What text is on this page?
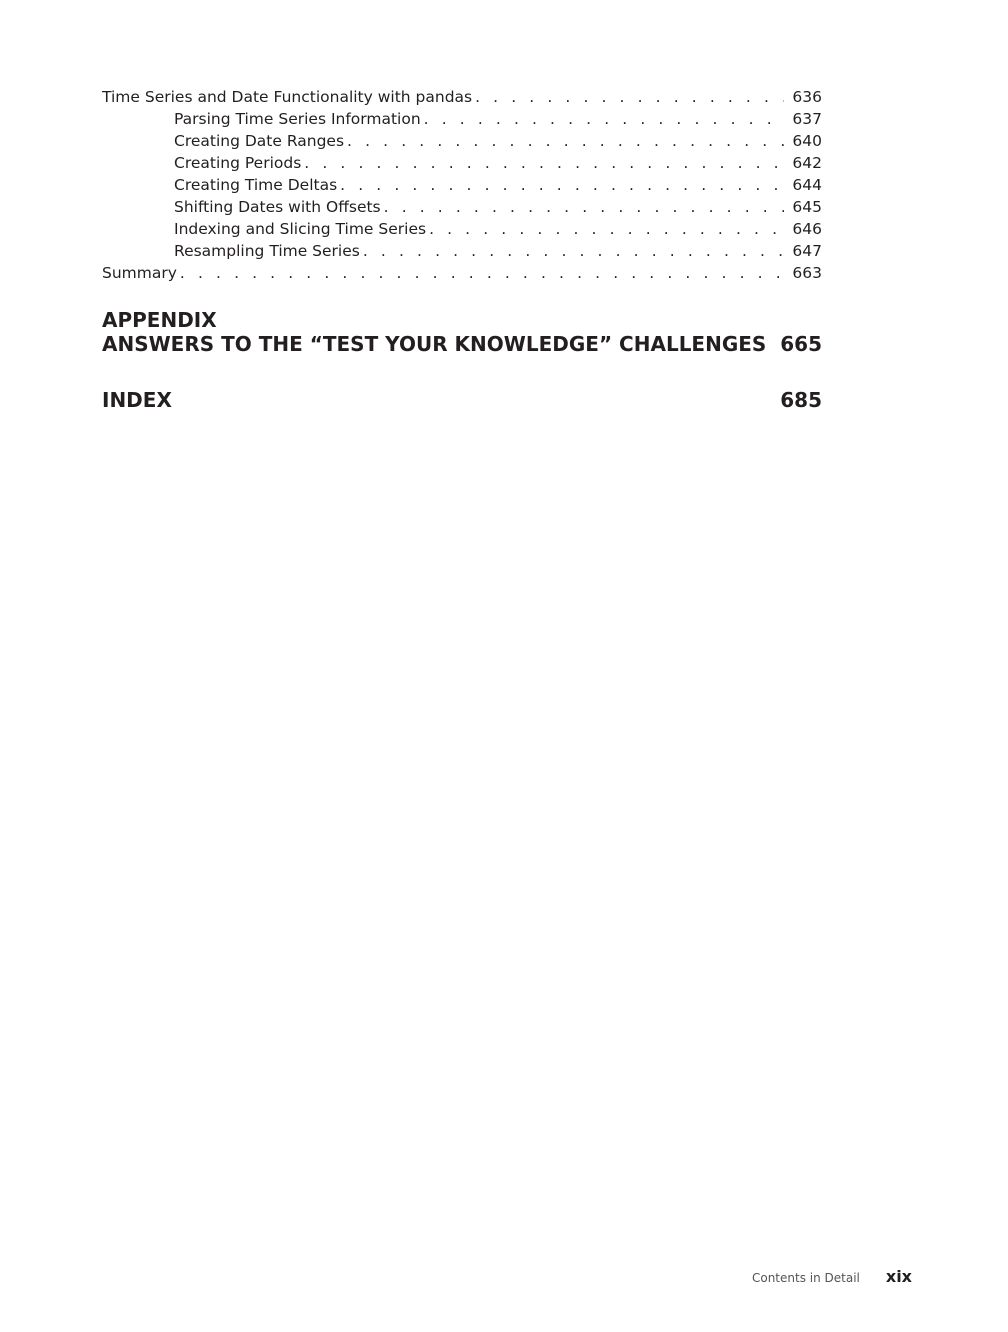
Time Series and Date Functionality with pandas . . .	636
Parsing Time Series Information . . .	637
Creating Date Ranges . . .	640
Creating Periods . . .	642
Creating Time Deltas . . .	644
Shifting Dates with Offsets . . .	645
Indexing and Slicing Time Series . . .	646
Resampling Time Series . . .	647
Summary . . .	663
APPENDIX
ANSWERS TO THE “TEST YOUR KNOWLEDGE” CHALLENGES 665
INDEX	685
Contents in Detail xix
